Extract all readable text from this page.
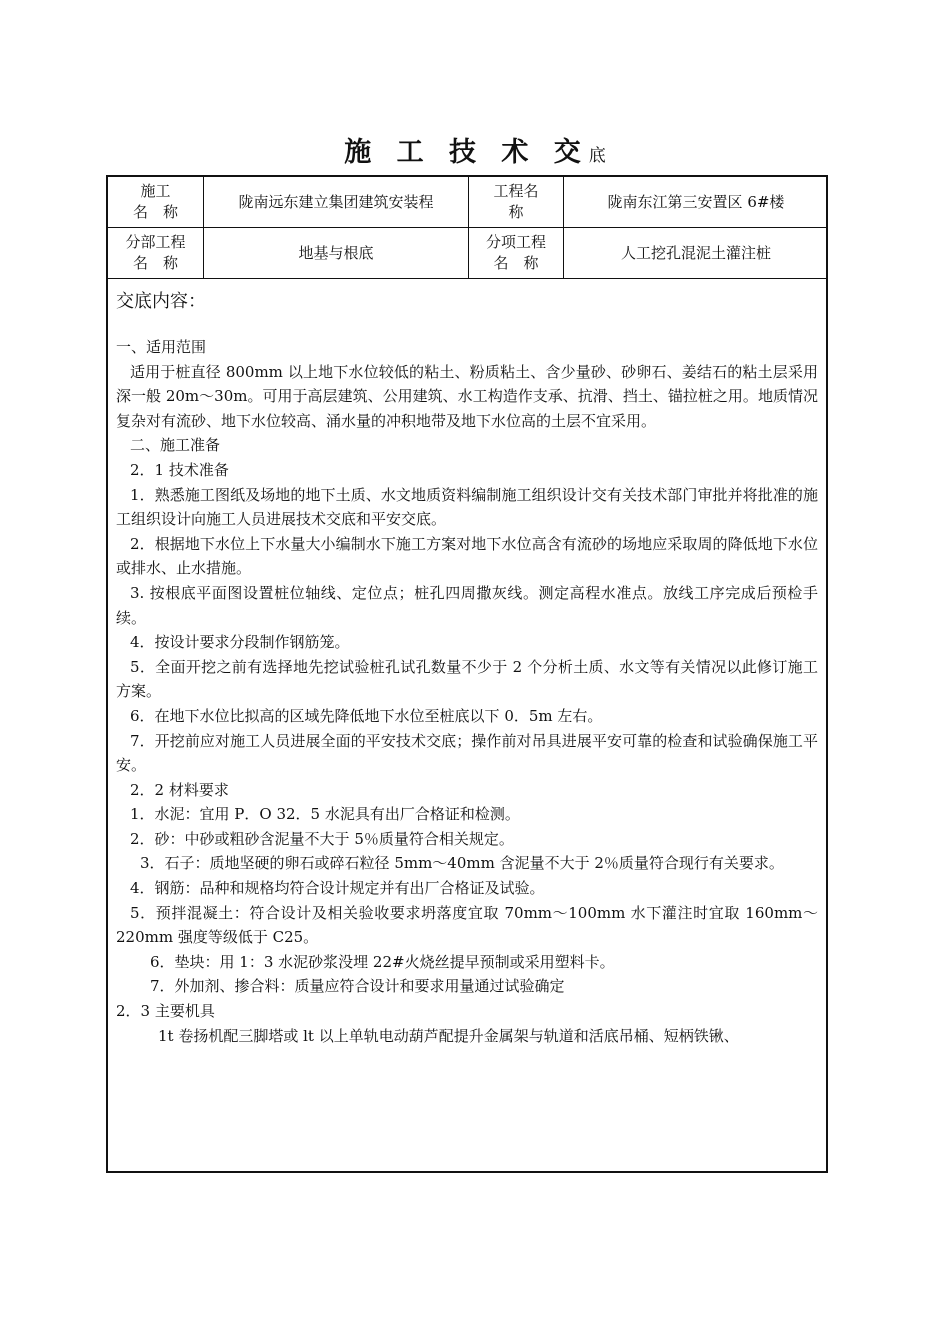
施 工 技 术 交底
施工
名　称
陇南远东建立集团建筑安装程
工程名
称
陇南东江第三安置区 6#楼
分部工程
名　称
地基与根底
分项工程
名　称
人工挖孔混泥土灌注桩
交底内容：

一、适用范围

适用于桩直径 800mm 以上地下水位较低的粘土、粉质粘土、含少量砂、砂卵石、姜结石的粘土层采用深一般 20m～30m。可用于高层建筑、公用建筑、水工构造作支承、抗滑、挡土、锚拉桩之用。地质情况复杂对有流砂、地下水位较高、涌水量的冲积地带及地下水位高的土层不宜采用。

二、施工准备

2．1 技术准备

1．熟悉施工图纸及场地的地下土质、水文地质资料编制施工组织设计交有关技术部门审批并将批准的施工组织设计向施工人员进展技术交底和平安交底。

2．根据地下水位上下水量大小编制水下施工方案对地下水位高含有流砂的场地应采取周的降低地下水位或排水、止水措施。

3. 按根底平面图设置桩位轴线、定位点；桩孔四周撒灰线。测定高程水准点。放线工序完成后预检手续。

4．按设计要求分段制作钢筋笼。

5．全面开挖之前有选择地先挖试验桩孔试孔数量不少于 2 个分析土质、水文等有关情况以此修订施工方案。

6．在地下水位比拟高的区域先降低地下水位至桩底以下 0．5m 左右。

7．开挖前应对施工人员进展全面的平安技术交底；操作前对吊具进展平安可靠的检查和试验确保施工平安。

2．2 材料要求

1．水泥：宜用 P．O 32．5 水泥具有出厂合格证和检测。

2．砂：中砂或粗砂含泥量不大于 5％质量符合相关规定。

3．石子：质地坚硬的卵石或碎石粒径 5mm～40mm 含泥量不大于 2％质量符合现行有关要求。

4．钢筋：品种和规格均符合设计规定并有出厂合格证及试验。

5．预拌混凝土：符合设计及相关验收要求坍落度宜取 70mm～100mm 水下灌注时宜取 160mm～220mm 强度等级低于 C25。

6．垫块：用 1：3 水泥砂浆没埋 22#火烧丝提早预制或采用塑料卡。

7．外加剂、掺合料：质量应符合设计和要求用量通过试验确定

2．3 主要机具

1t 卷扬机配三脚塔或 lt 以上单轨电动葫芦配提升金属架与轨道和活底吊桶、短柄铁锹、
